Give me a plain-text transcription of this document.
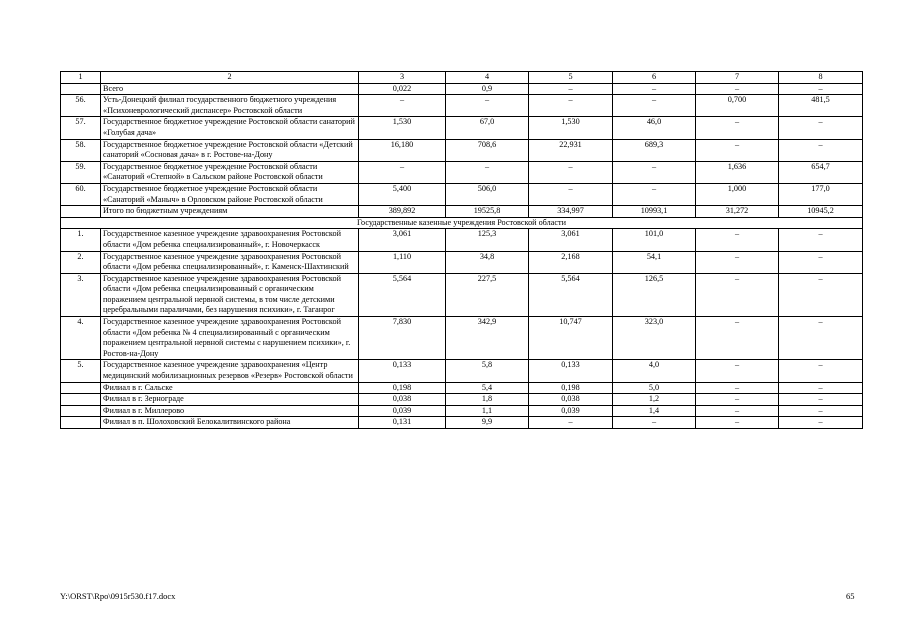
1	2	3	4	5	6	7	8
	Всего	0,022	0,9	–	–	–	–
56.	Усть-Донецкий филиал государственного бюджетного учреждения «Психоневрологический диспансер» Ростовской области	–	–	–	–	0,700	481,5
57.	Государственное бюджетное учреждение Ростовской области санаторий «Голубая дача»	1,530	67,0	1,530	46,0	–	–
58.	Государственное бюджетное учреждение Ростовской области «Детский санаторий «Сосновая дача» в г. Ростове-на-Дону	16,180	708,6	22,931	689,3	–	–
59.	Государственное бюджетное учреждение Ростовской области «Санаторий «Степной» в Сальском районе Ростовской области	–	–	–	–	1,636	654,7
60.	Государственное бюджетное учреждение Ростовской области «Санаторий «Маныч» в Орловском районе Ростовской области	5,400	506,0	–	–	1,000	177,0
	Итого по бюджетным учреждениям	389,892	19525,8	334,997	10993,1	31,272	10945,2
Государственные казенные учреждения Ростовской области							
1.	Государственное казенное учреждение здравоохранения Ростовской области «Дом ребенка специализированный», г. Новочеркасск	3,061	125,3	3,061	101,0	–	–
2.	Государственное казенное учреждение здравоохранения Ростовской области «Дом ребенка специализированный», г. Каменск-Шахтинский	1,110	34,8	2,168	54,1	–	–
3.	Государственное казенное учреждение здравоохранения Ростовской области «Дом ребенка специализированный с органическим поражением центральной нервной системы, в том числе детскими церебральными параличами, без нарушения психики», г. Таганрог	5,564	227,5	5,564	126,5	–	–
4.	Государственное казенное учреждение здравоохранения Ростовской области «Дом ребенка № 4 специализированный с органическим поражением центральной нервной системы с нарушением психики», г. Ростов-на-Дону	7,830	342,9	10,747	323,0	–	–
5.	Государственное казенное учреждение здравоохранения «Центр медицинский мобилизационных резервов «Резерв» Ростовской области	0,133	5,8	0,133	4,0	–	–
	Филиал в г. Сальске	0,198	5,4	0,198	5,0	–	–
	Филиал в г. Зерноградe	0,038	1,8	0,038	1,2	–	–
	Филиал в г. Миллерово	0,039	1,1	0,039	1,4	–	–
	Филиал в п. Шолоховский Белокалитвинского района	0,131	9,9	–	–	–	–
Y:\ORST\Rpo\0915r530.f17.docx	65
